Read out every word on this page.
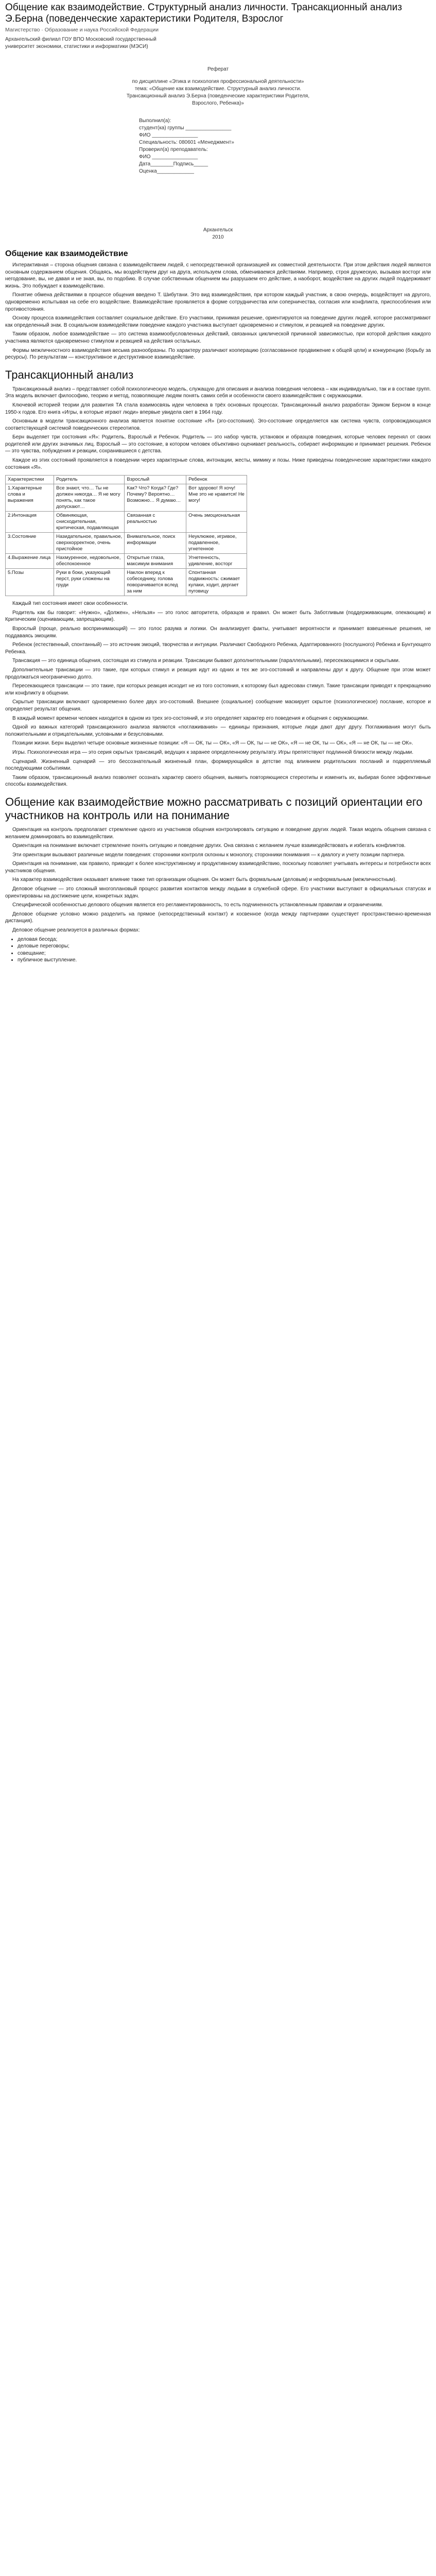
Общение как взаимодействие. Структурный анализ личности. Трансакционный анализ Э.Берна (поведенческие характеристики Родителя, Взрослог
Магистерство · Образование и наука Российской Федерации

Архангельский филиал ГОУ ВПО Московский государственный

университет экономики, статистики и информатики (МЭСИ)

Реферат

по дисциплине «Этика и психология профессиональной деятельности»

тема: «Общение как взаимодействие. Структурный анализ личности.

Трансакционный анализ Э.Берна (поведенческие характеристики Родителя,

Взрослого, Ребенка)»

Выполнил(а):

студент(ка) группы ________________

ФИО ________________

Специальность: 080601 «Менеджмент»

Проверил(а) преподаватель:

ФИО ________________

Дата________Подпись_____

Оценка_____________

Архангельск

2010

Общение как взаимодействие

Интерактивная – сторона общения связана с взаимодействием людей, с непосредственной организацией их совместной деятельности. При этом действия людей являются основным содержанием общения. Общаясь, мы воздействуем друг на друга, используем слова, обмениваемся действиями. Например, строя дружескую, вызывая восторг или негодование, вы, не давая и не зная, вы, по подобию. В случае собственным общением мы разрушаем его действие, а наоборот, воздействие на других людей поддерживает жизнь. Это побуждает к взаимодействию.

Понятие обмена действиями в процессе общения введено Т. Шибутани. Это вид взаимодействия, при котором каждый участник, в свою очередь, воздействует на другого, одновременно испытывая на себе его воздействие. Взаимодействие проявляется в форме сотрудничества или соперничества, согласия или конфликта, приспособления или противостояния.

Основу процесса взаимодействия составляет социальное действие. Его участники, принимая решение, ориентируются на поведение других людей, которое рассматривают как определенный знак. В социальном взаимодействии поведение каждого участника выступает одновременно и стимулом, и реакцией на поведение других.

Таким образом, любое взаимодействие — это система взаимообусловленных действий, связанных циклической причинной зависимостью, при которой действия каждого участника являются одновременно стимулом и реакцией на действия остальных.

Формы межличностного взаимодействия весьма разнообразны. По характеру различают кооперацию (согласованное продвижение к общей цели) и конкуренцию (борьбу за ресурсы). По результатам — конструктивное и деструктивное взаимодействие.

Трансакционный анализ

Трансакционный анализ – представляет собой психологическую модель, служащую для описания и анализа поведения человека – как индивидуально, так и в составе групп. Эта модель включает философию, теорию и метод, позволяющие людям понять самих себя и особенности своего взаимодействия с окружающими.

Ключевой историей теории для развития ТА стала взаимосвязь идеи человека в трёх основных процессах. Трансакционный анализ разработан Эриком Берном в конце 1950-х годов. Его книга «Игры, в которые играют люди» впервые увидела свет в 1964 году.

Основным в модели трансакционного анализа является понятие состояние «Я» (эго-состояния). Эго-состояние определяется как система чувств, сопровождающаяся соответствующей системой поведенческих стереотипов.

Берн выделяет три состояния «Я»: Родитель, Взрослый и Ребенок. Родитель — это набор чувств, установок и образцов поведения, которые человек перенял от своих родителей или других значимых лиц. Взрослый — это состояние, в котором человек объективно оценивает реальность, собирает информацию и принимает решения. Ребенок — это чувства, побуждения и реакции, сохранившиеся с детства.

Каждое из этих состояний проявляется в поведении через характерные слова, интонации, жесты, мимику и позы. Ниже приведены поведенческие характеристики каждого состояния «Я».

Характеристики	Родитель	Взрослый	Ребенок
1.Характерные слова и выражения	Все знают, что… Ты не должен никогда… Я не могу понять, как такое допускают…	Как? Что? Когда? Где? Почему? Вероятно… Возможно… Я думаю…	Вот здорово! Я хочу! Мне это не нравится! Не могу!
2.Интонация	Обвиняющая, снисходительная, критическая, подавляющая	Связанная с реальностью	Очень эмоциональная
3.Состояние	Назидательное, правильное, сверхкорректное, очень пристойное	Внимательное, поиск информации	Неуклюжее, игривое, подавленное, угнетенное
4.Выражение лица	Нахмуренное, недовольное, обеспокоенное	Открытые глаза, максимум внимания	Угнетенность, удивление, восторг
5.Позы	Руки в боки, указующий перст, руки сложены на груди	Наклон вперед к собеседнику, голова поворачивается вслед за ним	Спонтанная подвижность: сжимает кулаки, ходит, дергает пуговицу

Каждый тип состояния имеет свои особенности.

Родитель как бы говорит: «Нужно», «Должен», «Нельзя» — это голос авторитета, образцов и правил. Он может быть Заботливым (поддерживающим, опекающим) и Критическим (оценивающим, запрещающим).

Взрослый (проще, реально воспринимающий) — это голос разума и логики. Он анализирует факты, учитывает вероятности и принимает взвешенные решения, не поддаваясь эмоциям.

Ребенок (естественный, спонтанный) — это источник эмоций, творчества и интуиции. Различают Свободного Ребенка, Адаптированного (послушного) Ребенка и Бунтующего Ребенка.

Трансакция — это единица общения, состоящая из стимула и реакции. Трансакции бывают дополнительными (параллельными), пересекающимися и скрытыми.

Дополнительные трансакции — это такие, при которых стимул и реакция идут из одних и тех же эго-состояний и направлены друг к другу. Общение при этом может продолжаться неограниченно долго.

Пересекающиеся трансакции — это такие, при которых реакция исходит не из того состояния, к которому был адресован стимул. Такие трансакции приводят к прекращению или конфликту в общении.

Скрытые трансакции включают одновременно более двух эго-состояний. Внешнее (социальное) сообщение маскирует скрытое (психологическое) послание, которое и определяет результат общения.

В каждый момент времени человек находится в одном из трех эго-состояний, и это определяет характер его поведения и общения с окружающими.

Одной из важных категорий трансакционного анализа являются «поглаживания» — единицы признания, которые люди дают друг другу. Поглаживания могут быть положительными и отрицательными, условными и безусловными.

Позиции жизни. Берн выделил четыре основные жизненные позиции: «Я — ОК, ты — ОК», «Я — ОК, ты — не ОК», «Я — не ОК, ты — ОК», «Я — не ОК, ты — не ОК».

Игры. Психологическая игра — это серия скрытых трансакций, ведущих к заранее определенному результату. Игры препятствуют подлинной близости между людьми.

Сценарий. Жизненный сценарий — это бессознательный жизненный план, формирующийся в детстве под влиянием родительских посланий и подкрепляемый последующими событиями.

Таким образом, трансакционный анализ позволяет осознать характер своего общения, выявить повторяющиеся стереотипы и изменить их, выбирая более эффективные способы взаимодействия.

Общение как взаимодействие можно рассматривать с позиций ориентации его участников на контроль или на понимание

Ориентация на контроль предполагает стремление одного из участников общения контролировать ситуацию и поведение других людей. Такая модель общения связана с желанием доминировать во взаимодействии.

Ориентация на понимание включает стремление понять ситуацию и поведение других. Она связана с желанием лучше взаимодействовать и избегать конфликтов.

Эти ориентации вызывают различные модели поведения: сторонники контроля склонны к монологу, сторонники понимания — к диалогу и учету позиции партнера.

Ориентация на понимание, как правило, приводит к более конструктивному и продуктивному взаимодействию, поскольку позволяет учитывать интересы и потребности всех участников общения.

На характер взаимодействия оказывает влияние также тип организации общения. Он может быть формальным (деловым) и неформальным (межличностным).

Деловое общение — это сложный многоплановый процесс развития контактов между людьми в служебной сфере. Его участники выступают в официальных статусах и ориентированы на достижение цели, конкретных задач.

Специфической особенностью делового общения является его регламентированность, то есть подчиненность установленным правилам и ограничениям.

Деловое общение условно можно разделить на прямое (непосредственный контакт) и косвенное (когда между партнерами существует пространственно-временная дистанция).

Деловое общение реализуется в различных формах:

• деловая беседа;
• деловые переговоры;
• совещание;
• публичное выступление.
